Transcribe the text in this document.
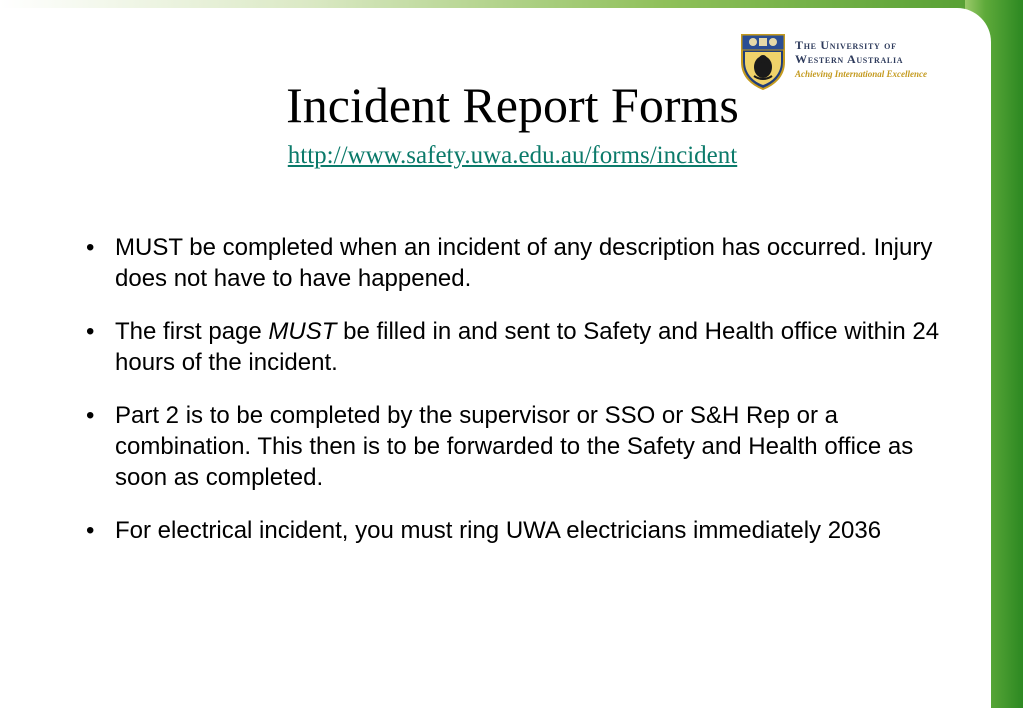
The University of
Western Australia
Achieving International Excellence
Incident Report Forms
http://www.safety.uwa.edu.au/forms/incident
• MUST be completed when an incident of any description has occurred. Injury does not have to have happened.
• The first page MUST be filled in and sent to Safety and Health office within 24 hours of the incident.
• Part 2 is to be completed by the supervisor or SSO or S&H Rep or a combination. This then is to be forwarded to the Safety and Health office as soon as completed.
• For electrical incident, you must ring UWA electricians immediately 2036
